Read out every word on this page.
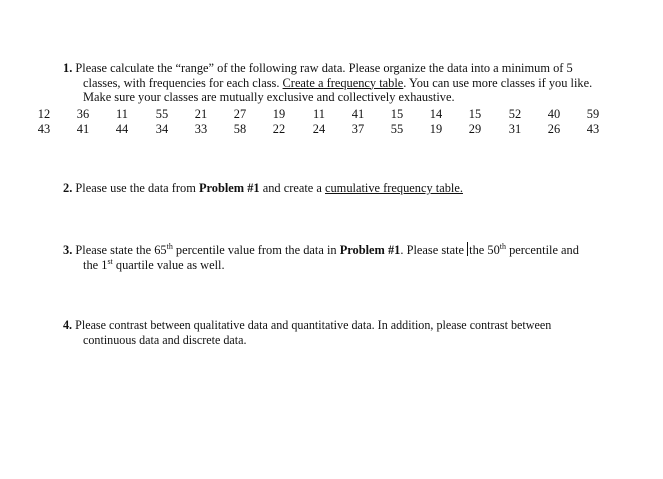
1. Please calculate the “range” of the following raw data. Please organize the data into a minimum of 5
classes, with frequencies for each class. Create a frequency table. You can use more classes if you like.
Make sure your classes are mutually exclusive and collectively exhaustive.
12	36	11	55	21	27	19	11	41	15	14	15	52	40	59
43	41	44	34	33	58	22	24	37	55	19	29	31	26	43
2. Please use the data from Problem #1 and create a cumulative frequency table.
3. Please state the 65th percentile value from the data in Problem #1. Please state the 50th percentile and
the 1st quartile value as well.
4. Please contrast between qualitative data and quantitative data. In addition, please contrast between
continuous data and discrete data.
